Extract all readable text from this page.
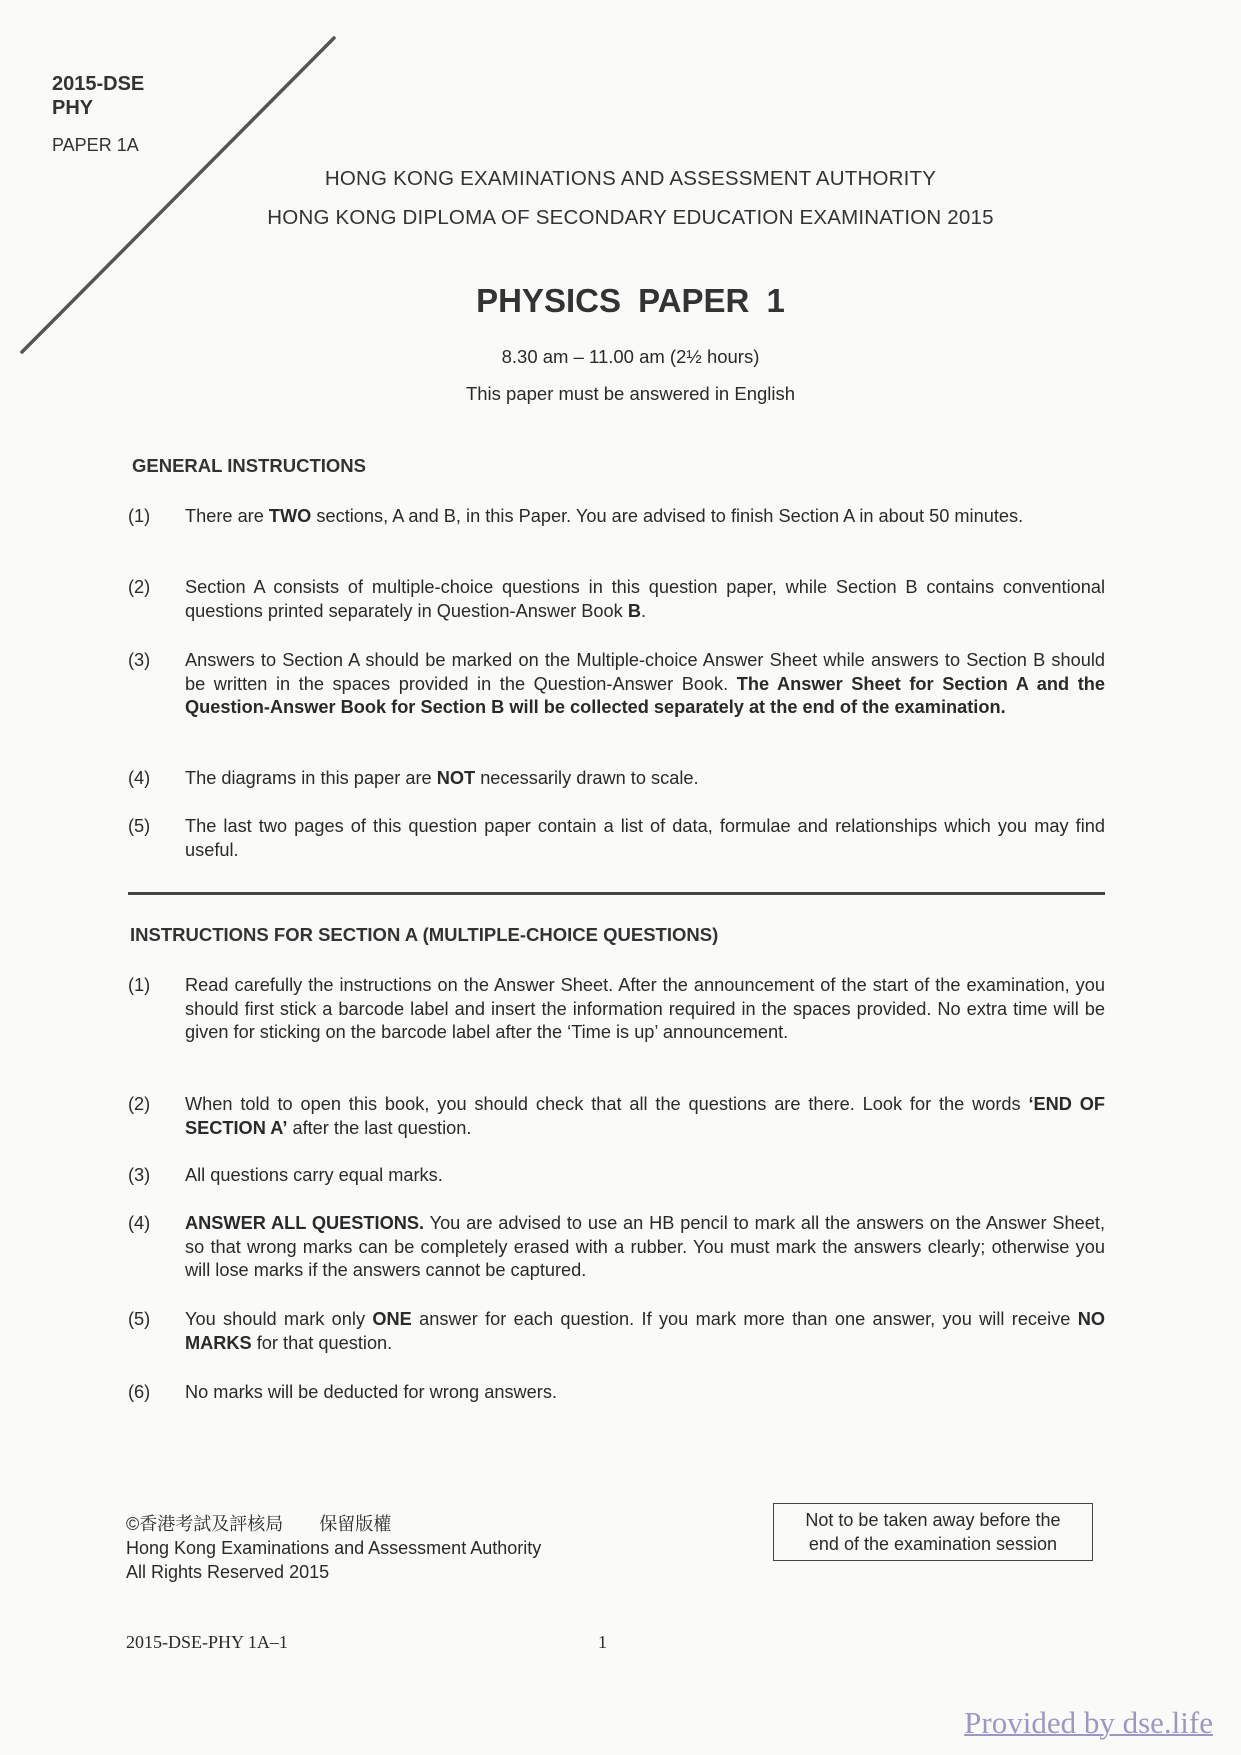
2015-DSE
PHY
PAPER 1A
HONG KONG EXAMINATIONS AND ASSESSMENT AUTHORITY
HONG KONG DIPLOMA OF SECONDARY EDUCATION EXAMINATION 2015
PHYSICS PAPER 1
8.30 am – 11.00 am (2½ hours)
This paper must be answered in English
GENERAL INSTRUCTIONS
(1)	There are TWO sections, A and B, in this Paper. You are advised to finish Section A in about 50 minutes.
(2)	Section A consists of multiple-choice questions in this question paper, while Section B contains conventional questions printed separately in Question-Answer Book B.
(3)	Answers to Section A should be marked on the Multiple-choice Answer Sheet while answers to Section B should be written in the spaces provided in the Question-Answer Book. The Answer Sheet for Section A and the Question-Answer Book for Section B will be collected separately at the end of the examination.
(4)	The diagrams in this paper are NOT necessarily drawn to scale.
(5)	The last two pages of this question paper contain a list of data, formulae and relationships which you may find useful.
INSTRUCTIONS FOR SECTION A (MULTIPLE-CHOICE QUESTIONS)
(1)	Read carefully the instructions on the Answer Sheet. After the announcement of the start of the examination, you should first stick a barcode label and insert the information required in the spaces provided. No extra time will be given for sticking on the barcode label after the ‘Time is up’ announcement.
(2)	When told to open this book, you should check that all the questions are there. Look for the words ‘END OF SECTION A’ after the last question.
(3)	All questions carry equal marks.
(4)	ANSWER ALL QUESTIONS. You are advised to use an HB pencil to mark all the answers on the Answer Sheet, so that wrong marks can be completely erased with a rubber. You must mark the answers clearly; otherwise you will lose marks if the answers cannot be captured.
(5)	You should mark only ONE answer for each question. If you mark more than one answer, you will receive NO MARKS for that question.
(6)	No marks will be deducted for wrong answers.
©香港考試及評核局　　保留版權
Hong Kong Examinations and Assessment Authority
All Rights Reserved 2015
Not to be taken away before the
end of the examination session
2015-DSE-PHY 1A–1	1
Provided by dse.life
